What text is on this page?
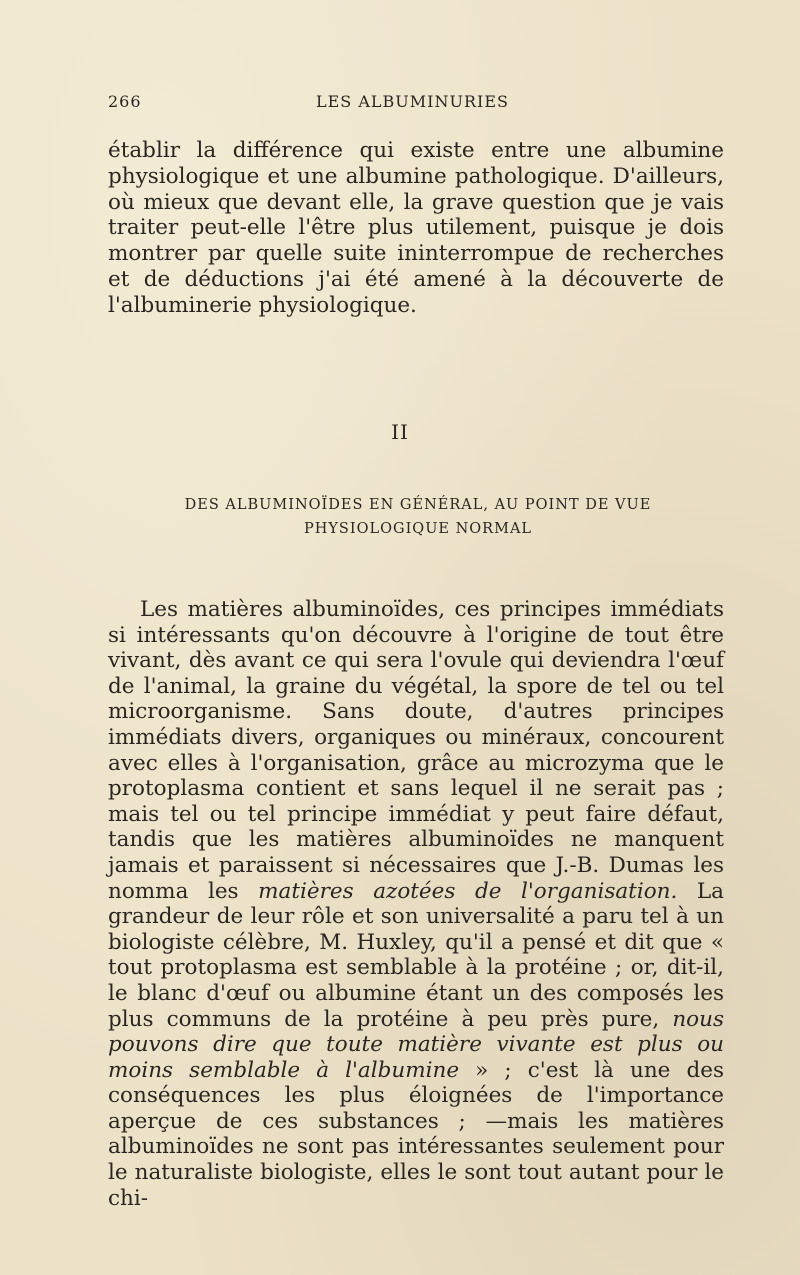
266	LES ALBUMINURIES

établir la différence qui existe entre une albumine physiologique et une albumine pathologique. D'ailleurs, où mieux que devant elle, la grave question que je vais traiter peut-elle l'être plus utilement, puisque je dois montrer par quelle suite ininterrompue de recherches et de déductions j'ai été amené à la découverte de l'albuminerie physiologique.

II
DES ALBUMINOÏDES EN GÉNÉRAL, AU POINT DE VUE
PHYSIOLOGIQUE NORMAL

Les matières albuminoïdes, ces principes immédiats si intéressants qu'on découvre à l'origine de tout être vivant, dès avant ce qui sera l'ovule qui deviendra l'œuf de l'animal, la graine du végétal, la spore de tel ou tel microorganisme. Sans doute, d'autres principes immédiats divers, organiques ou minéraux, concourent avec elles à l'organisation, grâce au microzyma que le protoplasma contient et sans lequel il ne serait pas ; mais tel ou tel principe immédiat y peut faire défaut, tandis que les matières albuminoïdes ne manquent jamais et paraissent si nécessaires que J.-B. Dumas les nomma les matières azotées de l'organisation. La grandeur de leur rôle et son universalité a paru tel à un biologiste célèbre, M. Huxley, qu'il a pensé et dit que « tout protoplasma est semblable à la protéine ; or, dit-il, le blanc d'œuf ou albumine étant un des composés les plus communs de la protéine à peu près pure, nous pouvons dire que toute matière vivante est plus ou moins semblable à l'albumine » ; c'est là une des conséquences les plus éloignées de l'importance aperçue de ces substances ; —mais les matières albuminoïdes ne sont pas intéressantes seulement pour le naturaliste biologiste, elles le sont tout autant pour le chi-
